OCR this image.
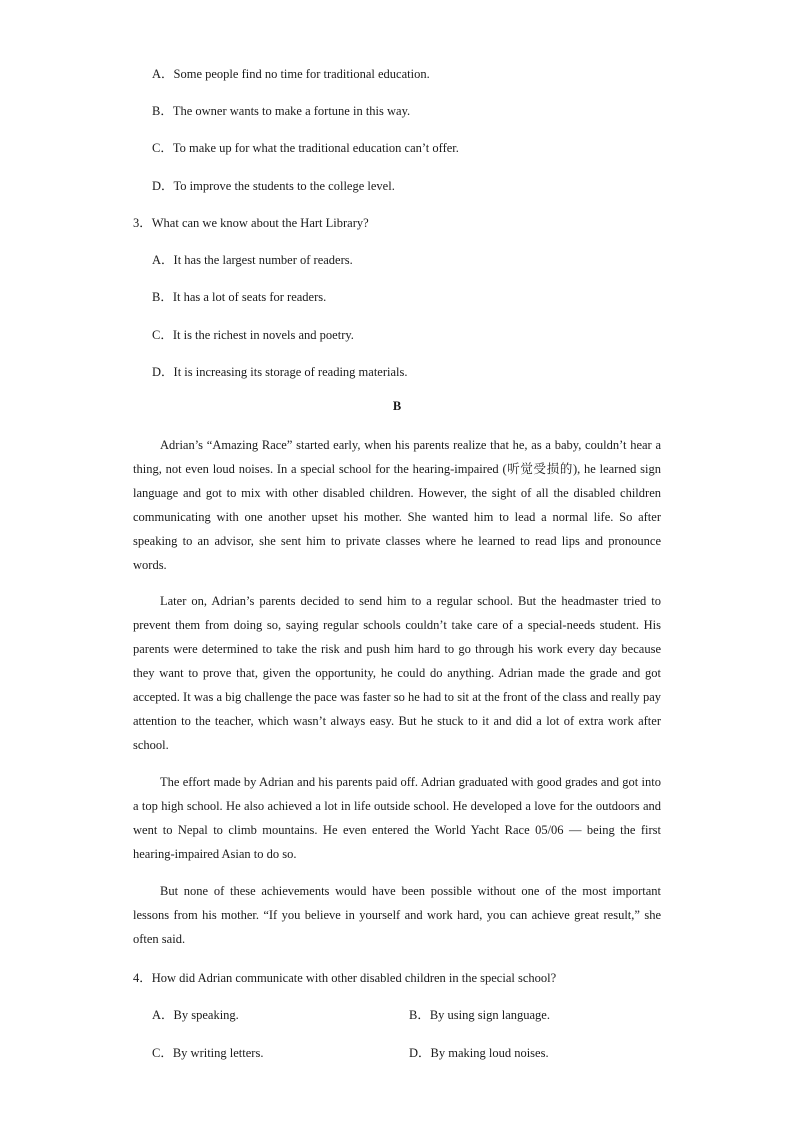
A．Some people find no time for traditional education.
B．The owner wants to make a fortune in this way.
C．To make up for what the traditional education can’t offer.
D．To improve the students to the college level.
3．What can we know about the Hart Library?
A．It has the largest number of readers.
B．It has a lot of seats for readers.
C．It is the richest in novels and poetry.
D．It is increasing its storage of reading materials.
B

Adrian’s “Amazing Race” started early, when his parents realize that he, as a baby, couldn’t hear a thing, not even loud noises. In a special school for the hearing-impaired (听觉受损的), he learned sign language and got to mix with other disabled children. However, the sight of all the disabled children communicating with one another upset his mother. She wanted him to lead a normal life. So after speaking to an advisor, she sent him to private classes where he learned to read lips and pronounce words.

Later on, Adrian’s parents decided to send him to a regular school. But the headmaster tried to prevent them from doing so, saying regular schools couldn’t take care of a special-needs student. His parents were determined to take the risk and push him hard to go through his work every day because they want to prove that, given the opportunity, he could do anything. Adrian made the grade and got accepted. It was a big challenge the pace was faster so he had to sit at the front of the class and really pay attention to the teacher, which wasn’t always easy. But he stuck to it and did a lot of extra work after school.

The effort made by Adrian and his parents paid off. Adrian graduated with good grades and got into a top high school. He also achieved a lot in life outside school. He developed a love for the outdoors and went to Nepal to climb mountains. He even entered the World Yacht Race 05/06 — being the first hearing-impaired Asian to do so.

But none of these achievements would have been possible without one of the most important lessons from his mother. “If you believe in yourself and work hard, you can achieve great result,” she often said.

4．How did Adrian communicate with other disabled children in the special school?
A．By speaking.	B．By using sign language.
C．By writing letters.	D．By making loud noises.
